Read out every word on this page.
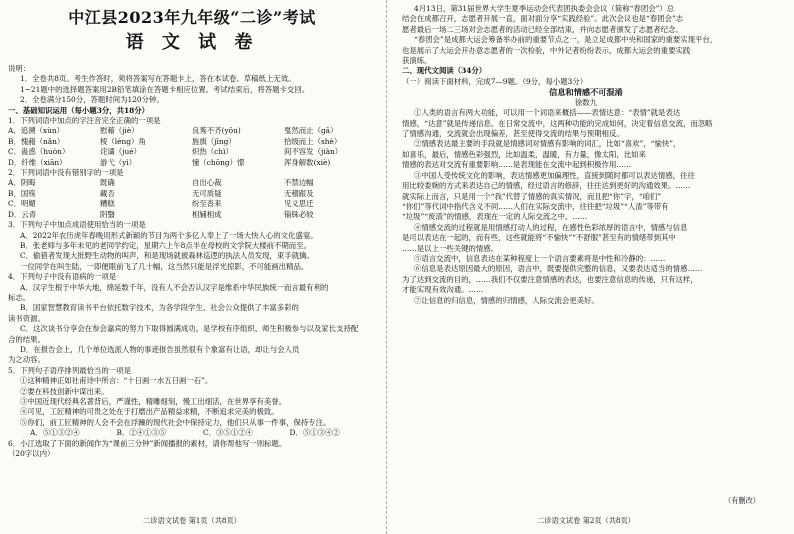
中江县2023年九年级“二诊”考试
语 文 试 卷
说明：
1．全卷共8页。考生作答时，须将答案写在答题卡上，答在本试卷、草稿纸上无效。
1~21题中的选择题答案用2B铅笔填涂在答题卡相应位置。考试结束后，将答题卡交回。
2．全卷满分150分，答题时间为120分钟。
一、基础知识运用（每小题3分，共18分）
1．下列词语中加点的字注音完全正确的一项是
A．追溯（xùn）	慰藉（jiè）	良莠不齐(yǒu)	戛然而止（gā）
B．愧赧（nǎn）	棱（léng）角	旌旗（jīng）	拾级而上（shè）
C．蛊惑（huòn）	诧谲（jué）	炽热（chì）	间不容发（jiàn）
D．纤维（xiān）	游弋（yì）	憧（chōng）憬	浑身解数(xiè)
2．下列词语中没有错别字的一项是
A．阴晦	既确	自出心裁	不禁边幅
B．国殇	藏否	无可质疑	无稽跟及
C．明媚	糟糕	纷至沓来	见义思迁
D．云青	阴翳	相辅相成	锱铢必较
3．下列句子中加点成语使用恰当的一项是
A．2022年农历虎年春晚用形式新颖的节目为两个多亿人奉上了一场大快人心的文化盛宴。
B．张老师与多年未见的老同学约定，星期六上午8点半在母校的文学院大楼前不期而至。
C．偷猎者发现大批野生动物的叫声，和是现场就被森林巡逻的执法人员发现，束手就擒。
一位同学在叫生陆，一即便眼前飞了几十幅，这当然只能是浮光掠影，不可能画出精品。
4．下列句子中没有语病的一项是
A．汉字生根于中华大地，绵延数千年，没有人不会否认汉字是维系中华民族统一而言最有利的
标志。
B．国家智慧教育读书平台依托数字技术，为各学段学生、社会公众提供了丰富多彩的
读书资源。
C．这次谈书分享会在参会嘉宾的努力下取得圆满成功。是学校有序组织、师生积极参与以及家长支持配
合的结果。
D．在报告会上，几个单位选派人物的事迹报告虽然很有个象富有让语，却让与会人员
为之动容。
5．下列句子语序排列最恰当的一项是
①这种精神正如社甫诗中所言：“十日画一水五日画一石”。
②要在科技创新中谋出来。
③中国近现代经典名著背后，严谨性，精雕细刻，慢工出细活，在世界享有美誉。
④可见，工匠精神的可贵之处在于打磨出产品精益求精，不断追求完美的极致。
⑤你们，前工匠精神的人会不会在浮躁的现代社会中保持定力，他们只从事一件事，保持专注。
A．⑤①③②④	B．②④①③⑤	C．③⑤①②④	D．⑤①③④②
6．小江选取了下面的新闻作为“课前三分钟”新闻播报的素材，请你帮他写一则标题。
（20字以内）
二诊语文试卷 第1页（共8页）
4月13日，第31届世界大学生夏季运动会代表团执委会会议（简称“春团会”）总
结会在成都召开，志愿者开展一直，面对面分享“实践经验”。此次会议也是“春团会”志
愿者最后一场二三场对会志愿者的活动已经全部结束，并向志愿者颁发了志愿者纪念。
“春团会”是成都大运会筹备举办前的重要节点之一，是立足成都中央和国家的重要实现平台，
也是展示了大运会开办意志愿者的一次检验，中外记者纷纷表示，成都大运会的重要实践
获演练。
二、现代文阅读（34分）
（一）阅读下面材料，完成7—9题。（9分，每小题3分）
信息和情感不可混淆
徐数九
①人类的语言有两大功能，可以用一个词语来概括——表情达意：“表情”就是表达
情感，“达意”就是传递信息。在日常交流中，这两种功能的完成如何，决定着信息交流，而忽略
了情感沟通，交流就会出现偏差，甚至使得交流的结果与预期相反。
②情感表达最主要的手段就是情感词对情感有影响的词汇，比如“喜欢”，“愉快”，
如喜乐，最后，情感色彩强烈，比如温柔，温暖，有力量，像太阳，比如来
情感的表达对交流有重要影响……是表现能在交流中起到积极作用……
③中国人受传统文化的影响，表达情感更加偏理性，直接到随时都可以表达情感，往往
用比较委婉的方式来表达自己的情感，经过语言的修辞，往往达到更好的沟通效果。……
就实际上而言，只是用一个“我”代替了情感的真实情况，而且把“你”字，“咱们”
“你们”等代词中指代含义不同……人们在实际交流中，往往把“垃圾”“人渣”等带有
“垃圾”“废渣”的情感，表现在一定的人际交流之中。……
④情感交流的过程就是用情感打动人的过程，在感性色彩浓厚的语言中，情感与信息
是可以表达在一起的，而有些，这些就能将“不愉快”“不舒服”甚至有的情绪带到其中
……是以上一些关键的情感。
⑤语言交流中，信息表达在某种程度上一个语言要素将是中性和冷静的：……
⑥信息是表达原因最大的原因，语言中，既要提供完整的信息，又要表达适当的情感……
为了达到交流的目的，……我们不仅要注意情感的表达，也要注意信息的传递，只有这样，
才能实现有效沟通。……
⑦让信息的归信息，情感的归情感，人际交流会更美好。
（有删改）
二诊语文试卷 第2页（共8页）
